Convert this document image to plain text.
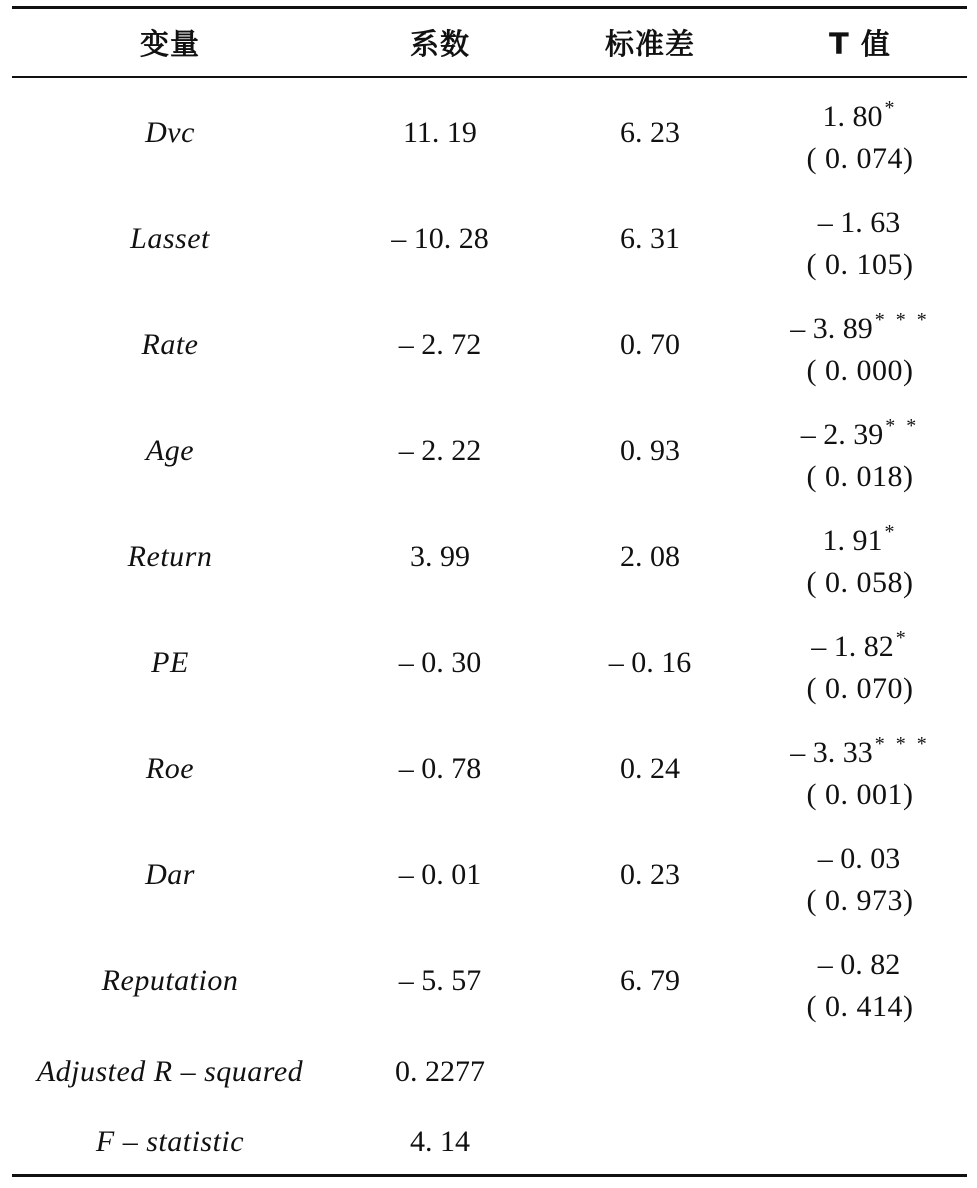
变量	系数	标准差	T 值
Dvc	11. 19	6. 23	1. 80 *
( 0. 074)
Lasset	– 10. 28	6. 31	– 1. 63
( 0. 105)
Rate	– 2. 72	0. 70	– 3. 89 * * *
( 0. 000)
Age	– 2. 22	0. 93	– 2. 39 * *
( 0. 018)
Return	3. 99	2. 08	1. 91 *
( 0. 058)
PE	– 0. 30	– 0. 16	– 1. 82 *
( 0. 070)
Roe	– 0. 78	0. 24	– 3. 33 * * *
( 0. 001)
Dar	– 0. 01	0. 23	– 0. 03
( 0. 973)
Reputation	– 5. 57	6. 79	– 0. 82
( 0. 414)
Adjusted R – squared	0. 2277
F – statistic	4. 14
